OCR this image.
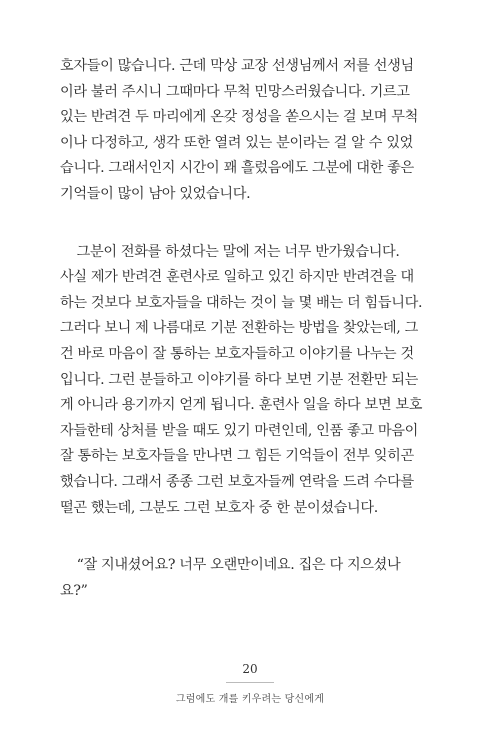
호자들이 많습니다. 근데 막상 교장 선생님께서 저를 선생님
이라 불러 주시니 그때마다 무척 민망스러웠습니다. 기르고
있는 반려견 두 마리에게 온갖 정성을 쏟으시는 걸 보며 무척
이나 다정하고, 생각 또한 열려 있는 분이라는 걸 알 수 있었
습니다. 그래서인지 시간이 꽤 흘렀음에도 그분에 대한 좋은
기억들이 많이 남아 있었습니다.
그분이 전화를 하셨다는 말에 저는 너무 반가웠습니다.
사실 제가 반려견 훈련사로 일하고 있긴 하지만 반려견을 대
하는 것보다 보호자들을 대하는 것이 늘 몇 배는 더 힘듭니다.
그러다 보니 제 나름대로 기분 전환하는 방법을 찾았는데, 그
건 바로 마음이 잘 통하는 보호자들하고 이야기를 나누는 것
입니다. 그런 분들하고 이야기를 하다 보면 기분 전환만 되는
게 아니라 용기까지 얻게 됩니다. 훈련사 일을 하다 보면 보호
자들한테 상처를 받을 때도 있기 마련인데, 인품 좋고 마음이
잘 통하는 보호자들을 만나면 그 힘든 기억들이 전부 잊히곤
했습니다. 그래서 종종 그런 보호자들께 연락을 드려 수다를
떨곤 했는데, 그분도 그런 보호자 중 한 분이셨습니다.
“잘 지내셨어요? 너무 오랜만이네요. 집은 다 지으셨나
요?”
20
그럼에도 개를 키우려는 당신에게
